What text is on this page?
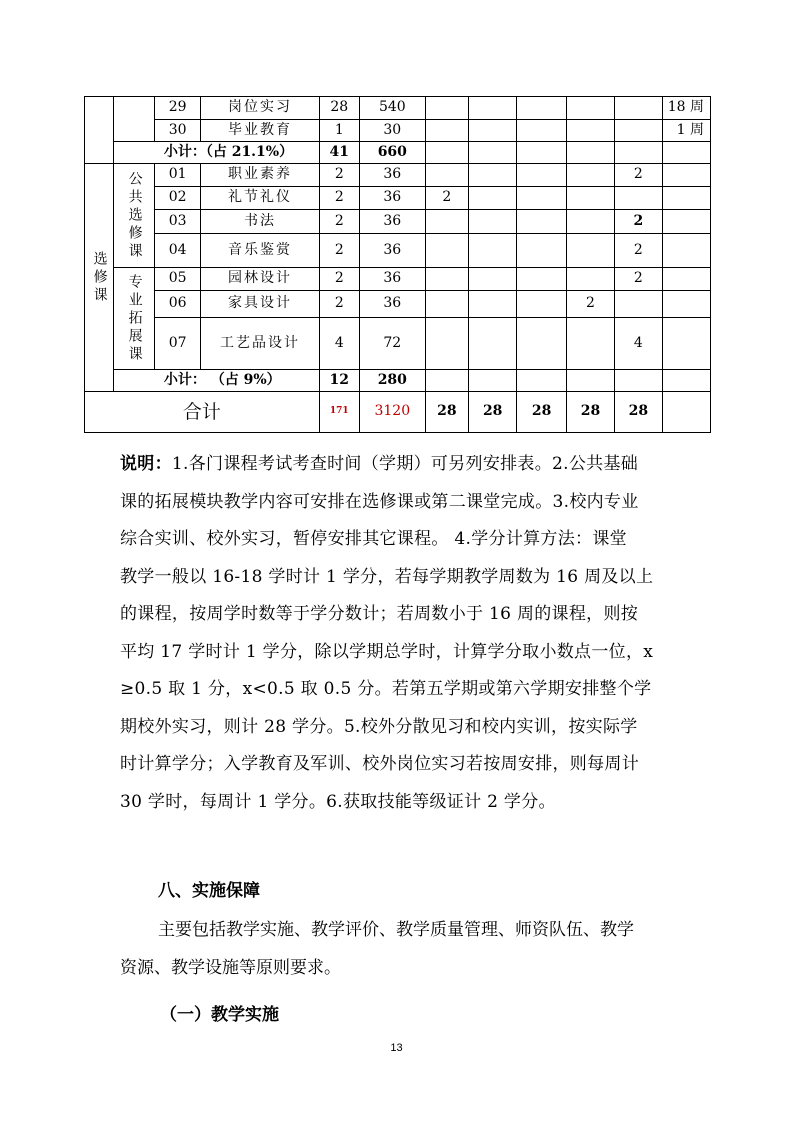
		29	岗位实习	28	540						18 周
		30	毕业教育	1	30						1 周
	小计：（占 21.1%）			41	660						

选修课	公共选修课	01	职业素养	2	36					2	
		02	礼节礼仪	2	36	2					
		03	书法	2	36					2	
		04	音乐鉴赏	2	36					2	

	专业拓展课	05	园林设计	2	36					2	
		06	家具设计	2	36				2		
		07	工艺品设计	4	72					4	
	小计： （占 9%）			12	280						
合计				171	3120	28	28	28	28	28	
说明：1.各门课程考试考查时间（学期）可另列安排表。2.公共基础
课的拓展模块教学内容可安排在选修课或第二课堂完成。3.校内专业
综合实训、校外实习，暂停安排其它课程。 4.学分计算方法：课堂
教学一般以 16-18 学时计 1 学分，若每学期教学周数为 16 周及以上
的课程，按周学时数等于学分数计；若周数小于 16 周的课程，则按
平均 17 学时计 1 学分，除以学期总学时，计算学分取小数点一位，x
≥0.5 取 1 分，x<0.5 取 0.5 分。若第五学期或第六学期安排整个学
期校外实习，则计 28 学分。5.校外分散见习和校内实训，按实际学
时计算学分；入学教育及军训、校外岗位实习若按周安排，则每周计
30 学时，每周计 1 学分。6.获取技能等级证计 2 学分。
八、实施保障
主要包括教学实施、教学评价、教学质量管理、师资队伍、教学
资源、教学设施等原则要求。
（一）教学实施
13
